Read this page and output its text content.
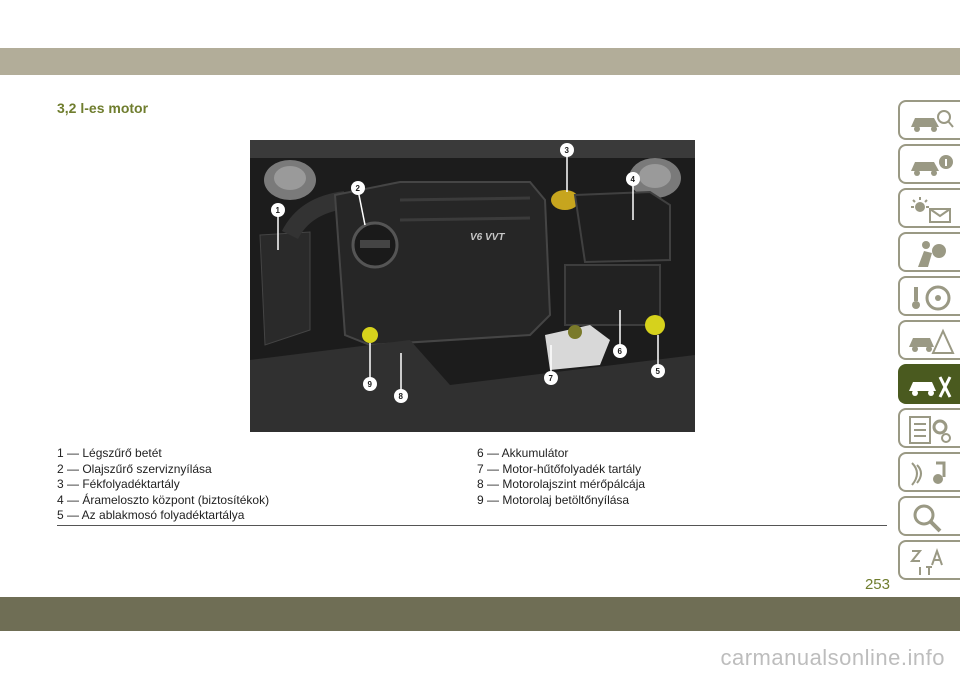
3,2 l-es motor
V6 VVT
1
2
3
4
5
6
7
8
9
1 — Légszűrő betét
2 — Olajszűrő szerviznyílása
3 — Fékfolyadéktartály
4 — Árameloszto központ (biztosítékok)
5 — Az ablakmosó folyadéktartálya
6 — Akkumulátor
7 — Motor-hűtőfolyadék tartály
8 — Motorolajszint mérőpálcája
9 — Motorolaj betöltőnyílása
253
carmanualsonline.info
